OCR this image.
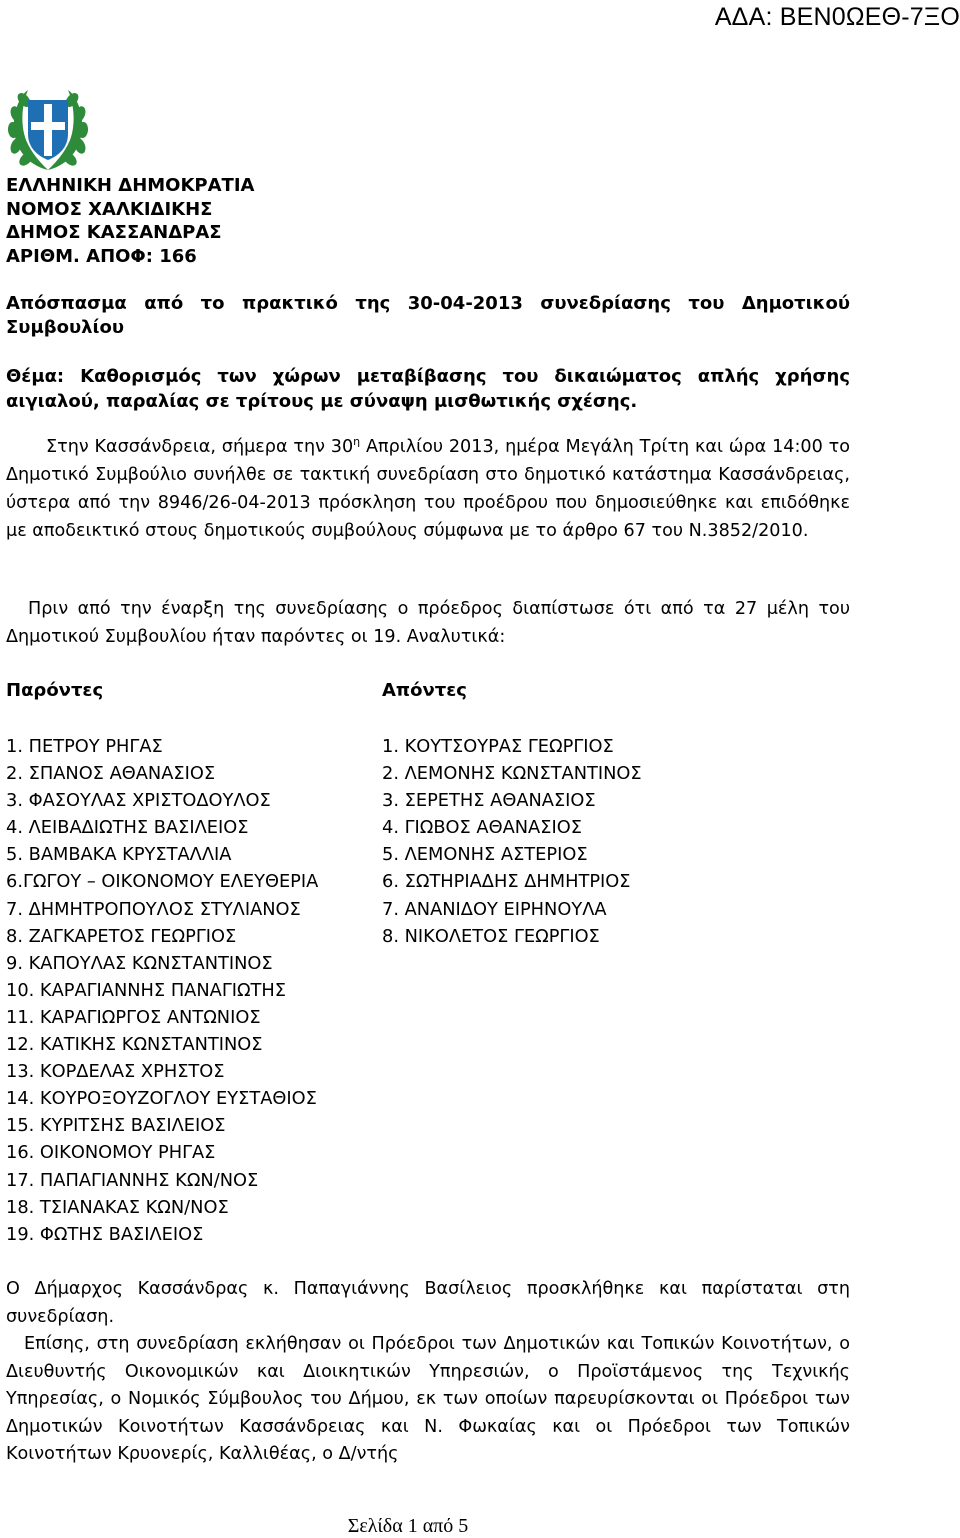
ΑΔΑ: ΒΕΝ0ΩΕΘ-7ΞΟ
ΕΛΛΗΝΙΚΗ ΔΗΜΟΚΡΑΤΙΑ
ΝΟΜΟΣ ΧΑΛΚΙΔΙΚΗΣ
ΔΗΜΟΣ ΚΑΣΣΑΝΔΡΑΣ
ΑΡΙΘΜ. ΑΠΟΦ: 166
Απόσπασμα από το πρακτικό της 30-04-2013 συνεδρίασης του Δημοτικού Συμβουλίου
Θέμα: Καθορισμός των χώρων μεταβίβασης του δικαιώματος απλής χρήσης αιγιαλού, παραλίας σε τρίτους με σύναψη μισθωτικής σχέσης.
Στην Κασσάνδρεια, σήμερα την $30^\eta$ Απριλίου 2013, ημέρα Μεγάλη Τρίτη και ώρα 14:00 το Δημοτικό Συμβούλιο συνήλθε σε τακτική συνεδρίαση στο δημοτικό κατάστημα Κασσάνδρειας, ύστερα από την 8946/26-04-2013 πρόσκληση του προέδρου που δημοσιεύθηκε και επιδόθηκε με αποδεικτικό στους δημοτικούς συμβούλους σύμφωνα με το άρθρο 67 του Ν.3852/2010.
Πριν από την έναρξη της συνεδρίασης ο πρόεδρος διαπίστωσε ότι από τα 27 μέλη του Δημοτικού Συμβουλίου ήταν παρόντες οι 19. Αναλυτικά:
Παρόντες	Απόντες
1. ΠΕΤΡΟΥ ΡΗΓΑΣ
2. ΣΠΑΝΟΣ ΑΘΑΝΑΣΙΟΣ
3. ΦΑΣΟΥΛΑΣ ΧΡΙΣΤΟΔΟΥΛΟΣ
4. ΛΕΙΒΑΔΙΩΤΗΣ ΒΑΣΙΛΕΙΟΣ
5. ΒΑΜΒΑΚΑ ΚΡΥΣΤΑΛΛΙΑ
6.ΓΩΓΟΥ – ΟΙΚΟΝΟΜΟΥ ΕΛΕΥΘΕΡΙΑ
7. ΔΗΜΗΤΡΟΠΟΥΛΟΣ ΣΤΥΛΙΑΝΟΣ
8. ΖΑΓΚΑΡΕΤΟΣ ΓΕΩΡΓΙΟΣ
9. ΚΑΠΟΥΛΑΣ ΚΩΝΣΤΑΝΤΙΝΟΣ
10. ΚΑΡΑΓΙΑΝΝΗΣ ΠΑΝΑΓΙΩΤΗΣ
11. ΚΑΡΑΓΙΩΡΓΟΣ ΑΝΤΩΝΙΟΣ
12. ΚΑΤΙΚΗΣ ΚΩΝΣΤΑΝΤΙΝΟΣ
13. ΚΟΡΔΕΛΑΣ ΧΡΗΣΤΟΣ
14. ΚΟΥΡΟΞΟΥΖΟΓΛΟΥ ΕΥΣΤΑΘΙΟΣ
15. ΚΥΡΙΤΣΗΣ ΒΑΣΙΛΕΙΟΣ
16. ΟΙΚΟΝΟΜΟΥ ΡΗΓΑΣ
17. ΠΑΠΑΓΙΑΝΝΗΣ ΚΩΝ/ΝΟΣ
18. ΤΣΙΑΝΑΚΑΣ ΚΩΝ/ΝΟΣ
19. ΦΩΤΗΣ ΒΑΣΙΛΕΙΟΣ
1. ΚΟΥΤΣΟΥΡΑΣ ΓΕΩΡΓΙΟΣ
2. ΛΕΜΟΝΗΣ ΚΩΝΣΤΑΝΤΙΝΟΣ
3. ΣΕΡΕΤΗΣ ΑΘΑΝΑΣΙΟΣ
4. ΓΙΩΒΟΣ ΑΘΑΝΑΣΙΟΣ
5. ΛΕΜΟΝΗΣ ΑΣΤΕΡΙΟΣ
6. ΣΩΤΗΡΙΑΔΗΣ ΔΗΜΗΤΡΙΟΣ
7. ΑΝΑΝΙΔΟΥ ΕΙΡΗΝΟΥΛΑ
8. ΝΙΚΟΛΕΤΟΣ ΓΕΩΡΓΙΟΣ
Ο Δήμαρχος Κασσάνδρας κ. Παπαγιάννης Βασίλειος προσκλήθηκε και παρίσταται στη συνεδρίαση.
Επίσης, στη συνεδρίαση εκλήθησαν οι Πρόεδροι των Δημοτικών και Τοπικών Κοινοτήτων, ο Διευθυντής Οικονομικών και Διοικητικών Υπηρεσιών, ο Προϊστάμενος της Τεχνικής Υπηρεσίας, ο Νομικός Σύμβουλος του Δήμου, εκ των οποίων παρευρίσκονται οι Πρόεδροι των Δημοτικών Κοινοτήτων Κασσάνδρειας και Ν. Φωκαίας και οι Πρόεδροι των Τοπικών Κοινοτήτων Κρυονερίς, Καλλιθέας, ο Δ/ντής
Σελίδα 1 από 5
